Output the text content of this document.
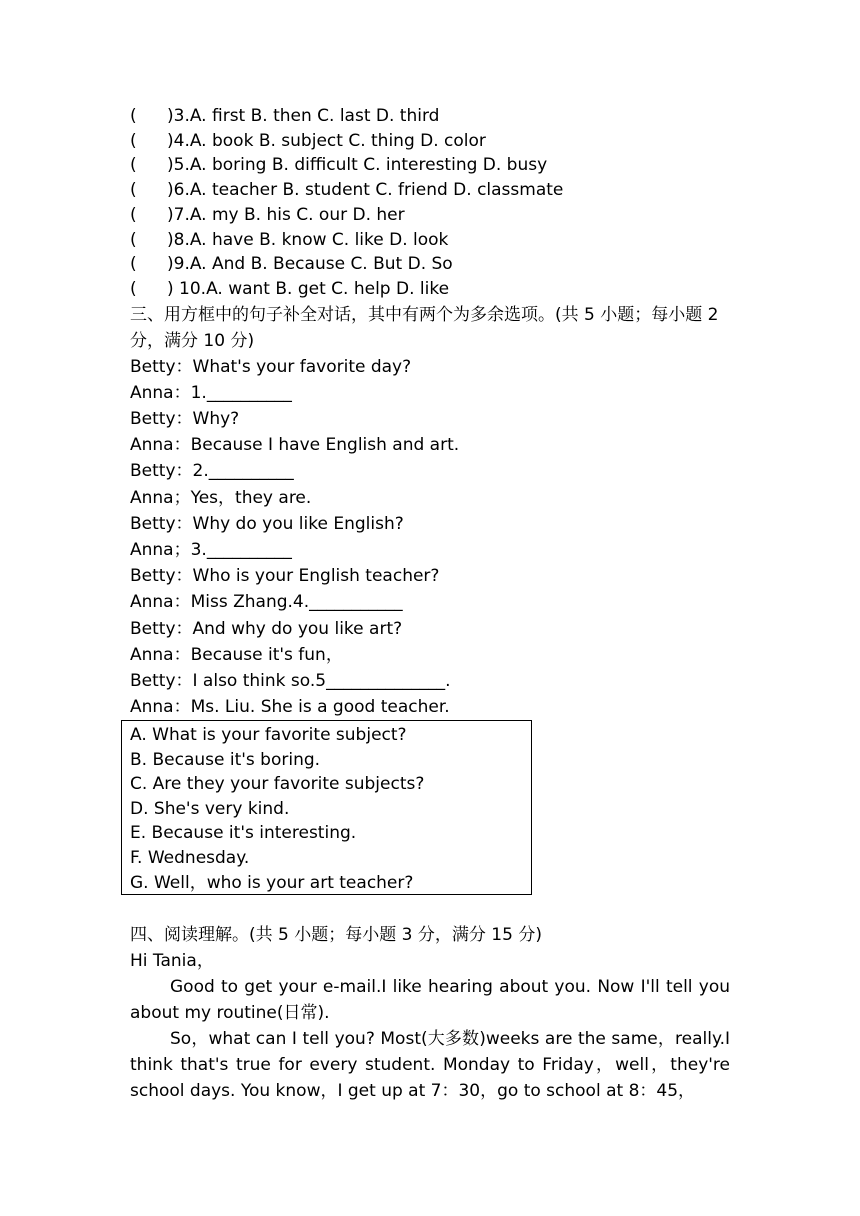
(	)3.A. first B. then C. last D. third
(	)4.A. book B. subject C. thing D. color
(	)5.A. boring B. difficult C. interesting D. busy
(	)6.A. teacher B. student C. friend D. classmate
(	)7.A. my B. his C. our D. her
(	)8.A. have B. know C. like D. look
(	)9.A. And B. Because C. But D. So
(	) 10.A. want B. get C. help D. like
三、用方框中的句子补全对话，其中有两个为多余选项。(共 5 小题；每小题 2 分，满分 10 分)
Betty：What's your favorite day?
Anna：1.__________
Betty：Why?
Anna：Because I have English and art.
Betty：2.__________
Anna；Yes，they are.
Betty：Why do you like English?
Anna；3.__________
Betty：Who is your English teacher?
Anna：Miss Zhang.4.___________
Betty：And why do you like art?
Anna：Because it's fun，
Betty：I also think so.5______________.
Anna：Ms. Liu. She is a good teacher.
A. What is your favorite subject?
B. Because it's boring.
C. Are they your favorite subjects?
D. She's very kind.
E. Because it's interesting.
F. Wednesday.
G. Well，who is your art teacher?
四、阅读理解。(共 5 小题；每小题 3 分，满分 15 分)
Hi Tania，
Good to get your e-mail.I like hearing about you. Now I'll tell you about my routine(日常).
So，what can I tell you? Most(大多数)weeks are the same，really.I think that's true for every student. Monday to Friday，well，they're school days. You know，I get up at 7：30，go to school at 8：45，
